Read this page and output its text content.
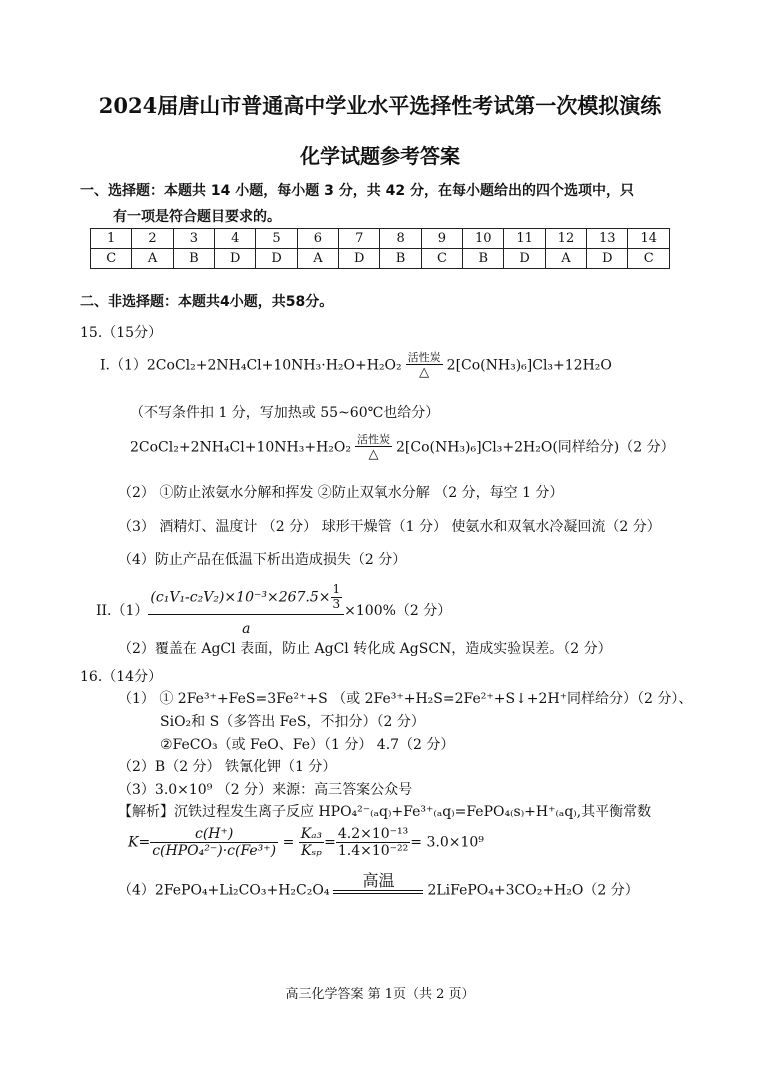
2024届唐山市普通高中学业水平选择性考试第一次模拟演练
化学试题参考答案
一、选择题：本题共 14 小题，每小题 3 分，共 42 分，在每小题给出的四个选项中，只
有一项是符合题目要求的。
1	2	3	4	5	6	7	8	9	10	11	12	13	14
C	A	B	D	D	A	D	B	C	B	D	A	D	C
二、非选择题：本题共4小题，共58分。
15.（15分）
I.（1）2CoCl₂+2NH₄Cl+10NH₃·H₂O+H₂O₂ 活性炭
△	2[Co(NH₃)₆]Cl₃+12H₂O
（不写条件扣 1 分，写加热或 55~60℃也给分）
2CoCl₂+2NH₄Cl+10NH₃+H₂O₂ 活性炭
△	2[Co(NH₃)₆]Cl₃+2H₂O(同样给分)（2 分）
（2） ①防止浓氨水分解和挥发 ②防止双氧水分解 （2 分，每空 1 分）
（3） 酒精灯、温度计 （2 分） 球形干燥管（1 分） 使氨水和双氧水冷凝回流（2 分）
（4）防止产品在低温下析出造成损失（2 分）
$II.(1) \frac{(c_1V_1-c_2V_2)\times 10^{-3}\times 267.5\times \frac{1}{3}}{a} \times 100\%(2$ 分）
（2）覆盖在 AgCl 表面，防止 AgCl 转化成 AgSCN，造成实验误差。（2 分）
16.（14分）
（1） ① 2Fe³⁺+FeS=3Fe²⁺+S （或 2Fe³⁺+H₂S=2Fe²⁺+S↓+2H⁺同样给分）（2 分）、
SiO₂和 S（多答出 FeS，不扣分）（2 分）
②FeCO₃（或 FeO、Fe）（1 分） 4.7（2 分）
（2）B（2 分） 铁氰化钾（1 分）
（3）3.0×10⁹ （2 分）来源：高三答案公众号
【解析】沉铁过程发生离子反应 HPO₄²⁻₍ₐq₎+Fe³⁺₍ₐq₎=FePO₄₍s₎+H⁺₍ₐq₎,其平衡常数
$K= \frac{c(H^+)}{\text{c(HPO₄²⁻)·c(Fe³⁺)}} = \frac{\text{Kₐ₃}}{\text{Kₛₚ}} = \frac{\text{4.2×10⁻¹³}}{\text{1.4×10⁻²²}} = 3.0\times 10^9$
（4）2FePO₄+Li₂CO₃+H₂C₂O₄
高温
2LiFePO₄+3CO₂+H₂O（2 分）
高三化学答案 第 1页（共 2 页）
